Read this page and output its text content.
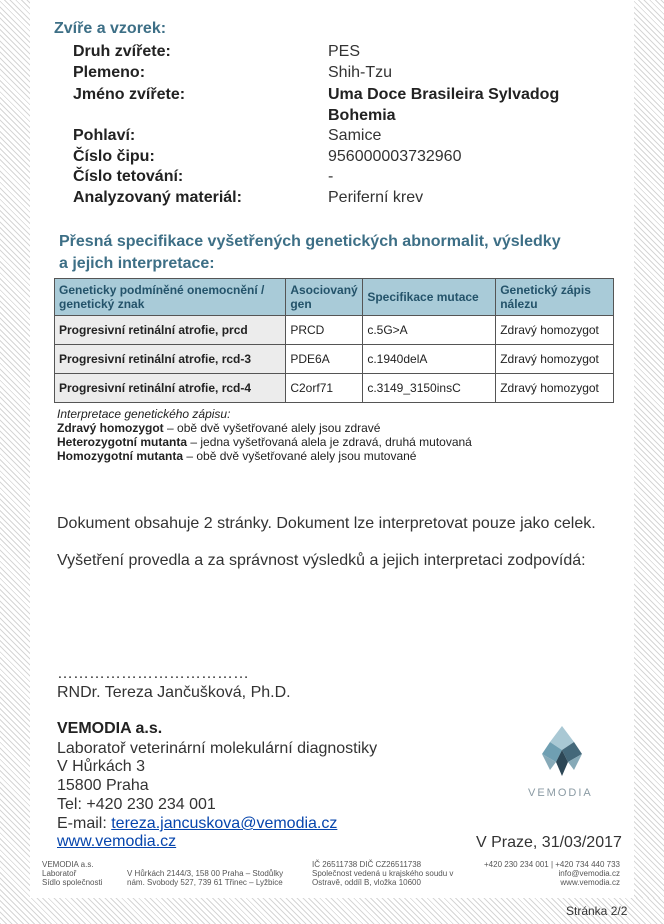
Zvíře a vzorek:
Druh zvířete:	PES
Plemeno:	Shih-Tzu
Jméno zvířete:	Uma Doce Brasileira Sylvadog
Bohemia
Pohlaví:	Samice
Číslo čipu:	956000003732960
Číslo tetování:	-
Analyzovaný materiál:	Periferní krev
Přesná specifikace vyšetřených genetických abnormalit, výsledky
a jejich interpretace:
Geneticky podmíněné onemocnění /
genetický znak	Asociovaný
gen	Specifikace mutace	Genetický zápis
nálezu
Progresivní retinální atrofie, prcd	PRCD	c.5G>A	Zdravý homozygot
Progresivní retinální atrofie, rcd-3	PDE6A	c.1940delA	Zdravý homozygot
Progresivní retinální atrofie, rcd-4	C2orf71	c.3149_3150insC	Zdravý homozygot
Interpretace genetického zápisu:
Zdravý homozygot – obě dvě vyšetřované alely jsou zdravé
Heterozygotní mutanta – jedna vyšetřovaná alela je zdravá, druhá mutovaná
Homozygotní mutanta – obě dvě vyšetřované alely jsou mutované
Dokument obsahuje 2 stránky. Dokument lze interpretovat pouze jako celek.
Vyšetření provedla a za správnost výsledků a jejich interpretaci zodpovídá:
………………………………
RNDr. Tereza Jančušková, Ph.D.
VEMODIA a.s.
Laboratoř veterinární molekulární diagnostiky
V Hůrkách 3
15800 Praha
Tel: +420 230 234 001
E-mail: tereza.jancuskova@vemodia.cz
www.vemodia.cz
VEMODIA
V Praze, 31/03/2017
VEMODIA a.s.
Laboratoř
Sídlo společnosti
V Hůrkách 2144/3, 158 00 Praha – Stodůlky
nám. Svobody 527, 739 61 Třinec – Lyžbice
IČ 26511738 DIČ CZ26511738
Společnost vedená u krajského soudu v
Ostravě, oddíl B, vložka 10600
+420 230 234 001 | +420 734 440 733
info@vemodia.cz
www.vemodia.cz
Stránka 2/2
